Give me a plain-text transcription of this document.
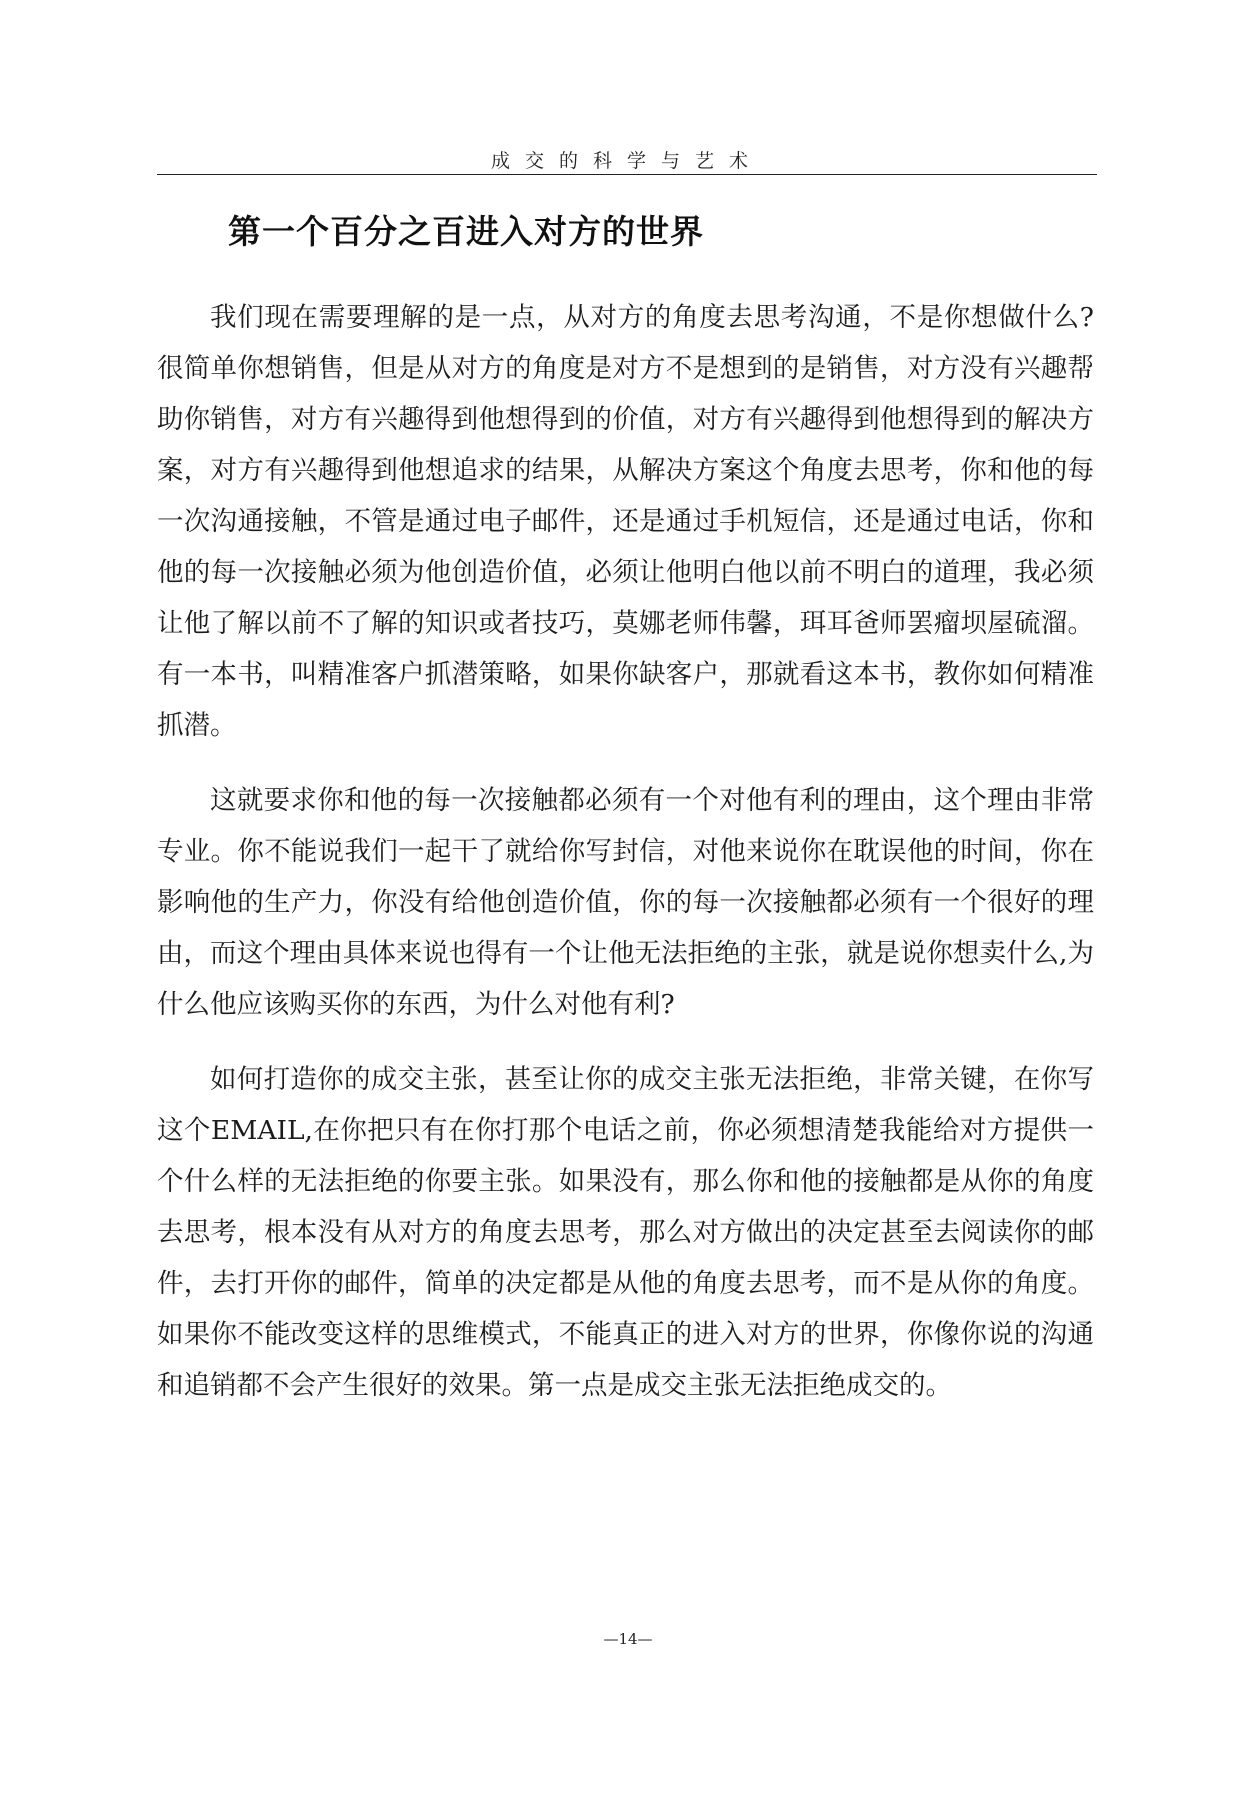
成交的科学与艺术
第一个百分之百进入对方的世界

我们现在需要理解的是一点，从对方的角度去思考沟通，不是你想做什么?很简单你想销售，但是从对方的角度是对方不是想到的是销售，对方没有兴趣帮助你销售，对方有兴趣得到他想得到的价值，对方有兴趣得到他想得到的解决方案，对方有兴趣得到他想追求的结果，从解决方案这个角度去思考，你和他的每一次沟通接触，不管是通过电子邮件，还是通过手机短信，还是通过电话，你和他的每一次接触必须为他创造价值，必须让他明白他以前不明白的道理，我必须让他了解以前不了解的知识或者技巧，莫娜老师伟馨，珥耳爸师罢瘤坝屋硫溜。有一本书，叫精准客户抓潜策略，如果你缺客户，那就看这本书，教你如何精准抓潜。

这就要求你和他的每一次接触都必须有一个对他有利的理由，这个理由非常专业。你不能说我们一起干了就给你写封信，对他来说你在耽误他的时间，你在影响他的生产力，你没有给他创造价值，你的每一次接触都必须有一个很好的理由，而这个理由具体来说也得有一个让他无法拒绝的主张，就是说你想卖什么,为什么他应该购买你的东西，为什么对他有利?

如何打造你的成交主张，甚至让你的成交主张无法拒绝，非常关键，在你写这个EMAIL,在你把只有在你打那个电话之前，你必须想清楚我能给对方提供一个什么样的无法拒绝的你要主张。如果没有，那么你和他的接触都是从你的角度去思考，根本没有从对方的角度去思考，那么对方做出的决定甚至去阅读你的邮件，去打开你的邮件，简单的决定都是从他的角度去思考，而不是从你的角度。如果你不能改变这样的思维模式，不能真正的进入对方的世界，你像你说的沟通和追销都不会产生很好的效果。第一点是成交主张无法拒绝成交的。

—14—
